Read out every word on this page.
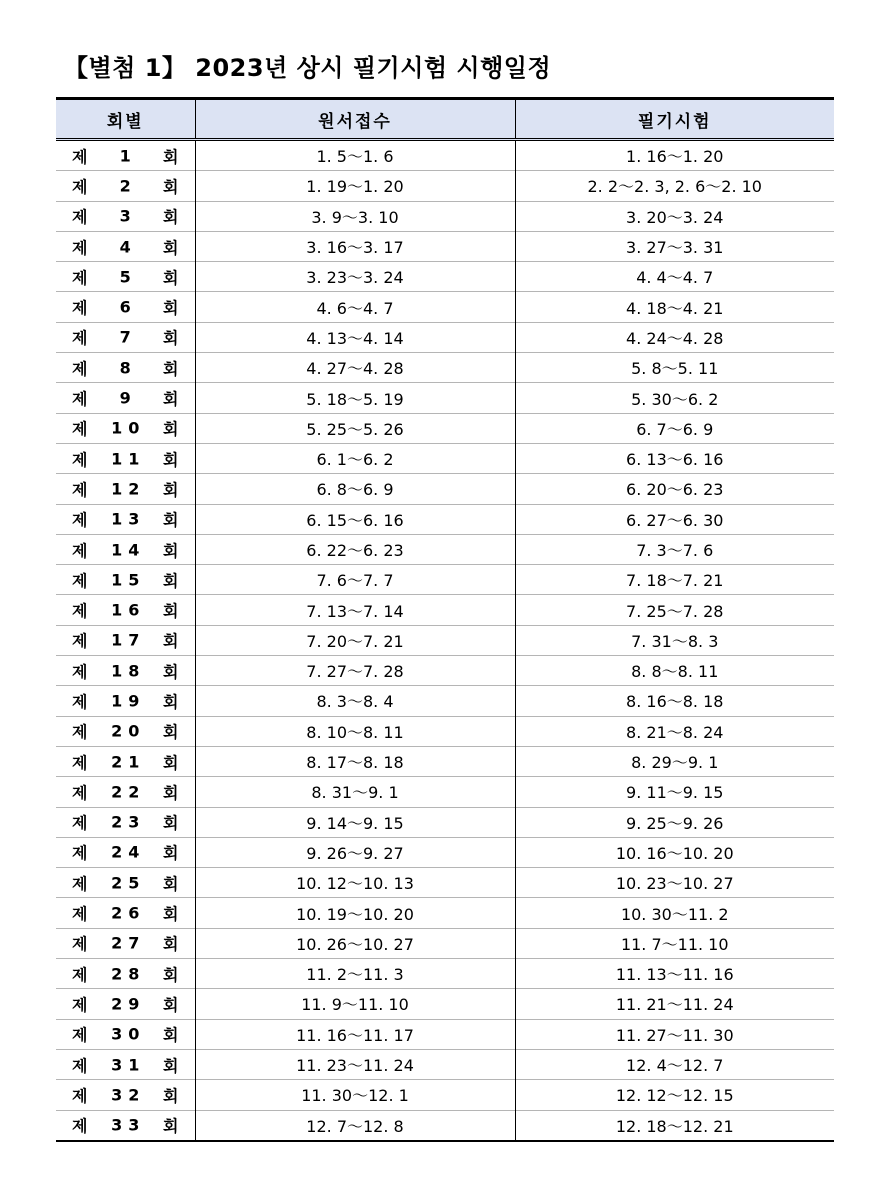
【별첨 1】 2023년 상시 필기시험 시행일정
회별	원서접수	필기시험

제 1 회	1. 5～1. 6	1. 16～1. 20

제 2 회	1. 19～1. 20	2. 2～2. 3, 2. 6～2. 10

제 3 회	3. 9～3. 10	3. 20～3. 24

제 4 회	3. 16～3. 17	3. 27～3. 31

제 5 회	3. 23～3. 24	4. 4～4. 7

제 6 회	4. 6～4. 7	4. 18～4. 21

제 7 회	4. 13～4. 14	4. 24～4. 28

제 8 회	4. 27～4. 28	5. 8～5. 11

제 9 회	5. 18～5. 19	5. 30～6. 2

제 10 회	5. 25～5. 26	6. 7～6. 9

제 11 회	6. 1～6. 2	6. 13～6. 16

제 12 회	6. 8～6. 9	6. 20～6. 23

제 13 회	6. 15～6. 16	6. 27～6. 30

제 14 회	6. 22～6. 23	7. 3～7. 6

제 15 회	7. 6～7. 7	7. 18～7. 21

제 16 회	7. 13～7. 14	7. 25～7. 28

제 17 회	7. 20～7. 21	7. 31～8. 3

제 18 회	7. 27～7. 28	8. 8～8. 11

제 19 회	8. 3～8. 4	8. 16～8. 18

제 20 회	8. 10～8. 11	8. 21～8. 24

제 21 회	8. 17～8. 18	8. 29～9. 1

제 22 회	8. 31～9. 1	9. 11～9. 15

제 23 회	9. 14～9. 15	9. 25～9. 26

제 24 회	9. 26～9. 27	10. 16～10. 20

제 25 회	10. 12～10. 13	10. 23～10. 27

제 26 회	10. 19～10. 20	10. 30～11. 2

제 27 회	10. 26～10. 27	11. 7～11. 10

제 28 회	11. 2～11. 3	11. 13～11. 16

제 29 회	11. 9～11. 10	11. 21～11. 24

제 30 회	11. 16～11. 17	11. 27～11. 30

제 31 회	11. 23～11. 24	12. 4～12. 7

제 32 회	11. 30～12. 1	12. 12～12. 15

제 33 회	12. 7～12. 8	12. 18～12. 21
